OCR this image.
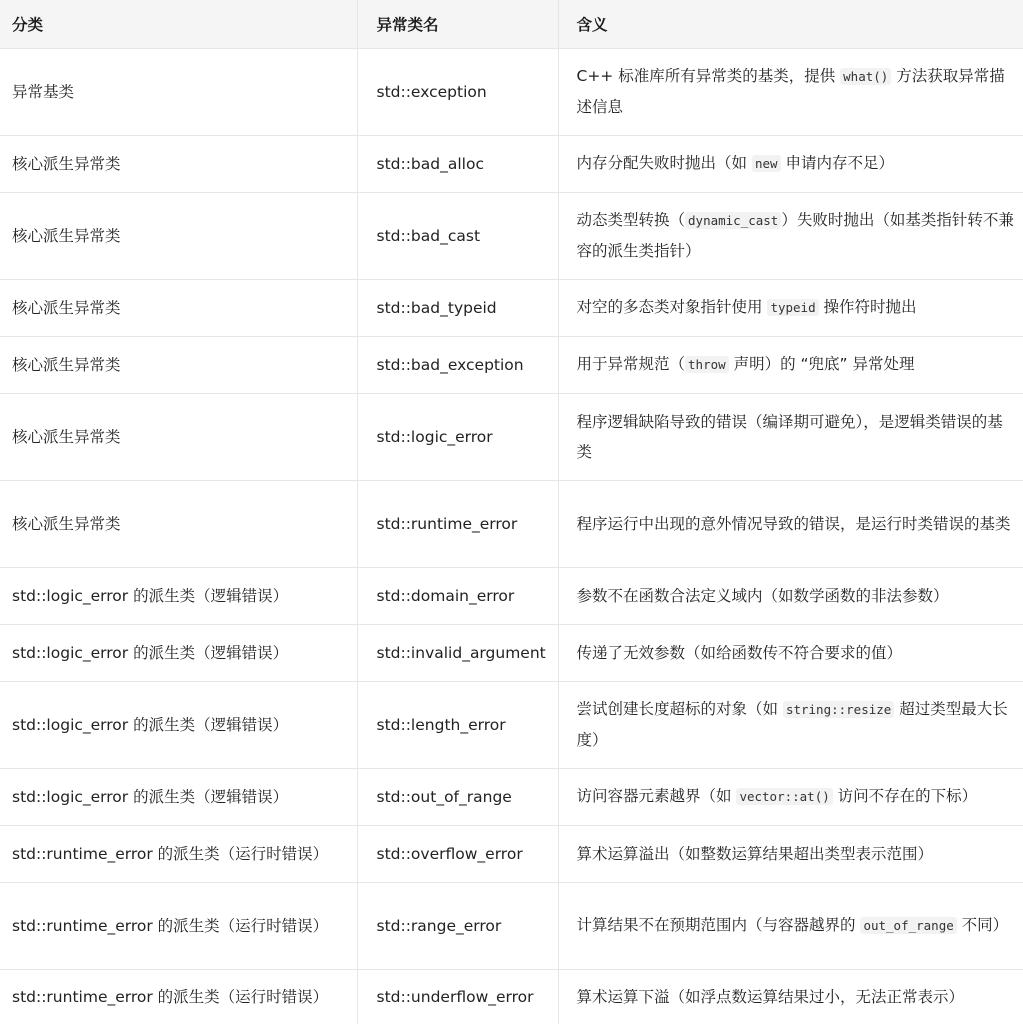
分类	异常类名	含义
异常基类	std::exception	C++ 标准库所有异常类的基类，提供 what() 方法获取异常描述信息
核心派生异常类	std::bad_alloc	内存分配失败时抛出（如 new 申请内存不足）
核心派生异常类	std::bad_cast	动态类型转换（ dynamic_cast ）失败时抛出（如基类指针转不兼容的派生类指针）
核心派生异常类	std::bad_typeid	对空的多态类对象指针使用 typeid 操作符时抛出
核心派生异常类	std::bad_exception	用于异常规范（ throw 声明）的 “兜底” 异常处理
核心派生异常类	std::logic_error	程序逻辑缺陷导致的错误（编译期可避免），是逻辑类错误的基类
核心派生异常类	std::runtime_error	程序运行中出现的意外情况导致的错误，是运行时类错误的基类
std::logic_error 的派生类（逻辑错误）	std::domain_error	参数不在函数合法定义域内（如数学函数的非法参数）
std::logic_error 的派生类（逻辑错误）	std::invalid_argument	传递了无效参数（如给函数传不符合要求的值）
std::logic_error 的派生类（逻辑错误）	std::length_error	尝试创建长度超标的对象（如 string::resize 超过类型最大长度）
std::logic_error 的派生类（逻辑错误）	std::out_of_range	访问容器元素越界（如 vector::at() 访问不存在的下标）
std::runtime_error 的派生类（运行时错误）	std::overflow_error	算术运算溢出（如整数运算结果超出类型表示范围）
std::runtime_error 的派生类（运行时错误）	std::range_error	计算结果不在预期范围内（与容器越界的 out_of_range 不同）
std::runtime_error 的派生类（运行时错误）	std::underflow_error	算术运算下溢（如浮点数运算结果过小，无法正常表示）
